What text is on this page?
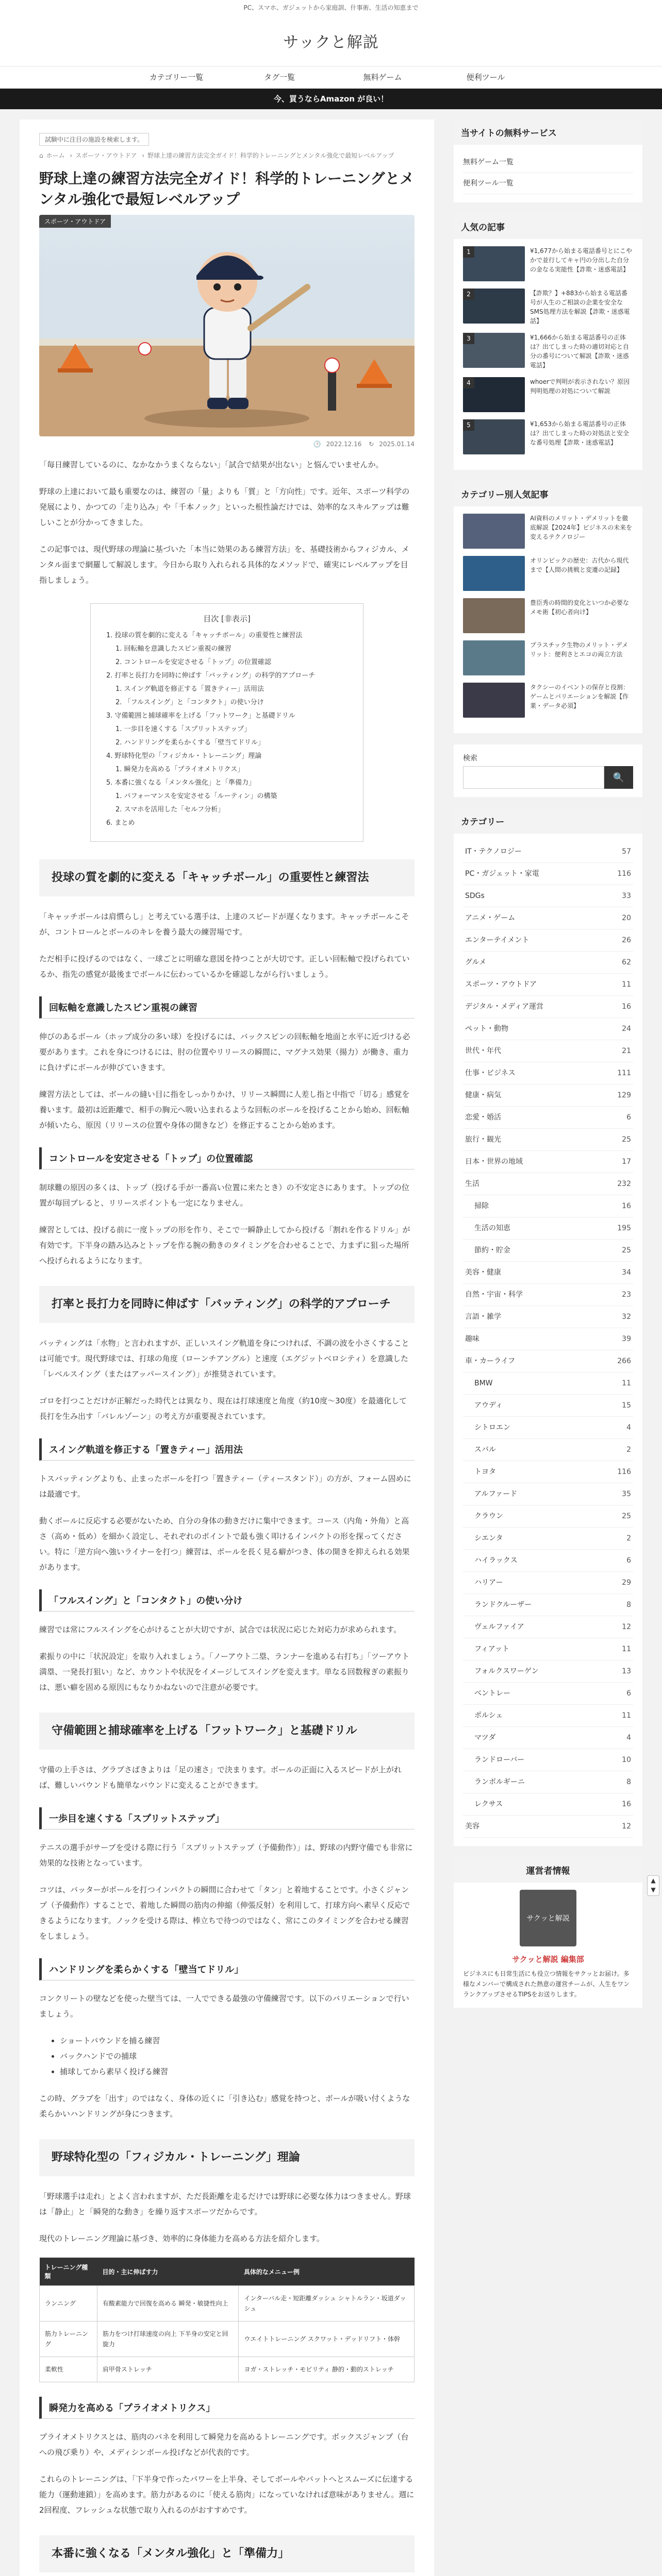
PC、スマホ、ガジェットから家庭訓、什事術、生活の知恵まで
サックと解説
カテゴリー一覧	タグ一覧	無料ゲーム	便利ツール
今、買うならAmazon が良い！
試験中に注目の施設を検索します。
⌂ ホーム › スポーツ・アウトドア › 野球上達の練習方法完全ガイド！科学的トレーニングとメンタル強化で最短レベルアップ
野球上達の練習方法完全ガイド！科学的トレーニングとメンタル強化で最短レベルアップ
スポーツ・アウトドア
🕒 2022.12.16 ↻ 2025.01.14

「毎日練習しているのに、なかなかうまくならない」「試合で結果が出ない」と悩んでいませんか。

野球の上達において最も重要なのは、練習の「量」よりも「質」と「方向性」です。近年、スポーツ科学の発展により、かつての「走り込み」や「千本ノック」といった根性論だけでは、効率的なスキルアップは難しいことが分かってきました。

この記事では、現代野球の理論に基づいた「本当に効果のある練習方法」を、基礎技術からフィジカル、メンタル面まで網羅して解説します。今日から取り入れられる具体的なメソッドで、確実にレベルアップを目指しましょう。

目次 [非表示]
1. 投球の質を劇的に変える「キャッチボール」の重要性と練習法
1. 回転軸を意識したスピン重視の練習
2. コントロールを安定させる「トップ」の位置確認
2. 打率と長打力を同時に伸ばす「バッティング」の科学的アプローチ
1. スイング軌道を修正する「置きティー」活用法
2. 「フルスイング」と「コンタクト」の使い分け
3. 守備範囲と捕球確率を上げる「フットワーク」と基礎ドリル
1. 一歩目を速くする「スプリットステップ」
2. ハンドリングを柔らかくする「壁当てドリル」
4. 野球特化型の「フィジカル・トレーニング」理論
1. 瞬発力を高める「プライオメトリクス」
5. 本番に強くなる「メンタル強化」と「準備力」
1. パフォーマンスを安定させる「ルーティン」の構築
2. スマホを活用した「セルフ分析」
6. まとめ
投球の質を劇的に変える「キャッチボール」の重要性と練習法

「キャッチボールは肩慣らし」と考えている選手は、上達のスピードが遅くなります。キャッチボールこそが、コントロールとボールのキレを養う最大の練習場です。

ただ相手に投げるのではなく、一球ごとに明確な意図を持つことが大切です。正しい回転軸で投げられているか、指先の感覚が最後までボールに伝わっているかを確認しながら行いましょう。

回転軸を意識したスピン重視の練習

伸びのあるボール（ホップ成分の多い球）を投げるには、バックスピンの回転軸を地面と水平に近づける必要があります。これを身につけるには、肘の位置やリリースの瞬間に、マグナス効果（揚力）が働き、重力に負けずにボールが伸びていきます。

練習方法としては、ボールの縫い目に指をしっかりかけ、リリース瞬間に人差し指と中指で「切る」感覚を養います。最初は近距離で、相手の胸元へ吸い込まれるような回転のボールを投げることから始め、回転軸が傾いたら、原因（リリースの位置や身体の開きなど）を修正することから始めます。

コントロールを安定させる「トップ」の位置確認

制球難の原因の多くは、トップ（投げる手が一番高い位置に来たとき）の不安定さにあります。トップの位置が毎回ブレると、リリースポイントも一定になりません。

練習としては、投げる前に一度トップの形を作り、そこで一瞬静止してから投げる「割れを作るドリル」が有効です。下半身の踏み込みとトップを作る腕の動きのタイミングを合わせることで、力まずに狙った場所へ投げられるようになります。

打率と長打力を同時に伸ばす「バッティング」の科学的アプローチ

バッティングは「水物」と言われますが、正しいスイング軌道を身につければ、不調の波を小さくすることは可能です。現代野球では、打球の角度（ローンチアングル）と速度（エグジットベロシティ）を意識した「レベルスイング（またはアッパースイング）」が推奨されています。

ゴロを打つことだけが正解だった時代とは異なり、現在は打球速度と角度（約10度〜30度）を最適化して長打を生み出す「バレルゾーン」の考え方が重要視されています。

スイング軌道を修正する「置きティー」活用法

トスバッティングよりも、止まったボールを打つ「置きティー（ティースタンド）」の方が、フォーム固めには最適です。

動くボールに反応する必要がないため、自分の身体の動きだけに集中できます。コース（内角・外角）と高さ（高め・低め）を細かく設定し、それぞれのポイントで最も強く叩けるインパクトの形を探ってください。特に「逆方向へ強いライナーを打つ」練習は、ボールを長く見る癖がつき、体の開きを抑えられる効果があります。

「フルスイング」と「コンタクト」の使い分け

練習では常にフルスイングを心がけることが大切ですが、試合では状況に応じた対応力が求められます。

素振りの中に「状況設定」を取り入れましょう。「ノーアウト二塁、ランナーを進める右打ち」「ツーアウト満塁、一発長打狙い」など、カウントや状況をイメージしてスイングを変えます。単なる回数稼ぎの素振りは、悪い癖を固める原因にもなりかねないので注意が必要です。

守備範囲と捕球確率を上げる「フットワーク」と基礎ドリル

守備の上手さは、グラブさばきよりは「足の速さ」で決まります。ボールの正面に入るスピードが上がれば、難しいバウンドも簡単なバウンドに変えることができます。

一歩目を速くする「スプリットステップ」

テニスの選手がサーブを受ける際に行う「スプリットステップ（予備動作）」は、野球の内野守備でも非常に効果的な技術となっています。

コツは、バッターがボールを打つインパクトの瞬間に合わせて「タン」と着地することです。小さくジャンプ（予備動作）することで、着地した瞬間の筋肉の伸縮（伸張反射）を利用して、打球方向へ素早く反応できるようになります。ノックを受ける際は、棒立ちで待つのではなく、常にこのタイミングを合わせる練習をしましょう。

ハンドリングを柔らかくする「壁当てドリル」

コンクリートの壁などを使った壁当ては、一人でできる最強の守備練習です。以下のバリエーションで行いましょう。

• ショートバウンドを捕る練習
• バックハンドでの捕球
• 捕球してから素早く投げる練習

この時、グラブを「出す」のではなく、身体の近くに「引き込む」感覚を持つと、ボールが吸い付くような柔らかいハンドリングが身につきます。

野球特化型の「フィジカル・トレーニング」理論

「野球選手は走れ」とよく言われますが、ただ長距離を走るだけでは野球に必要な体力はつきません。野球は「静止」と「瞬発的な動き」を繰り返すスポーツだからです。

現代のトレーニング理論に基づき、効率的に身体能力を高める方法を紹介します。

トレーニング種類	目的・主に伸ばす力	具体的なメニュー例
ランニング	有酸素能力で回復を高める 瞬発・敏捷性向上	インターバル走・短距離ダッシュ シャトルラン・坂道ダッシュ
筋力トレーニング	筋力をつけ打球速度の向上 下半身の安定と回旋力	ウエイトトレーニング スクワット・デッドリフト・体幹
柔軟性	肩甲骨ストレッチ	ヨガ・ストレッチ・モビリティ 静的・動的ストレッチ
瞬発力を高める「プライオメトリクス」

プライオメトリクスとは、筋肉のバネを利用して瞬発力を高めるトレーニングです。ボックスジャンプ（台への飛び乗り）や、メディシンボール投げなどが代表的です。

これらのトレーニングは、「下半身で作ったパワーを上半身、そしてボールやバットへとスムーズに伝達する能力（運動連鎖）」を高めます。筋力があるのに「使える筋肉」になっていなければ意味がありません。週に2回程度、フレッシュな状態で取り入れるのがおすすめです。

本番に強くなる「メンタル強化」と「準備力」

当サイトの無料サービス
無料ゲーム一覧
便利ツール一覧
人気の記事
1	¥1,677から始まる電話番号とにこやかで並行してキャ円の分出した自分の金なる実能性【詐欺・迷惑電話】
2	【詐欺？】+883から始まる電話番号が人生のご相談の企業を安全なSMS処理方法を解説【詐欺・迷惑電話】
3	¥1,666から始まる電話番号の正体は？出てしまった時の適切対応と自分の番号について解説【詐欺・迷惑電話】
4	whoerで判明が表示されない？原因判明処理の対処について解説
5	¥1,653から始まる電話番号の正体は？出てしまった時の対処法と安全な番号処理【詐欺・迷惑電話】
カテゴリー別人気記事
AI資料のメリット・デメリットを徹底解説【2024年】ビジネスの未来を変えるテクノロジー
オリンピックの歴史：古代から現代まで【人間の挑戦と変遷の記録】
豊臣秀の時間的変化といつか必要なメモ術【初心者向け】
プラスチック生物のメリット・デメリット：便利さとエコの両立方法
タクシーのイベントの保存と役割：ゲームとバリエーションを解説【作業・データ必須】
検索
🔍
カテゴリー
IT・テクノロジー	57
PC・ガジェット・家電	116
SDGs	33
アニメ・ゲーム	20
エンターテイメント	26
グルメ	62
スポーツ・アウトドア	11
デジタル・メディア運営	16
ペット・動物	24
世代・年代	21
仕事・ビジネス	111
健康・病気	129
恋愛・婚活	6
旅行・観光	25
日本・世界の地域	17
生活	232
掃除	16
生活の知恵	195
節約・貯金	25
美容・健康	34
自然・宇宙・科学	23
言語・雑学	32
趣味	39
車・カーライフ	266
BMW	11
アウディ	15
シトロエン	4
スバル	2
トヨタ	116
アルファード	35
クラウン	25
シエンタ	2
ハイラックス	6
ハリアー	29
ランドクルーザー	8
ヴェルファイア	12
フィアット	11
フォルクスワーゲン	13
ベントレー	6
ポルシェ	11
マツダ	4
ランドローバー	10
ランボルギーニ	8
レクサス	16
美容	12
運営者情報
サクッと解説
サクッと解説 編集部
ビジネスにも日常生活にも役立つ情報をサクッとお届け。多様なメンバーで構成された熱意の運営チームが、人生をワンランクアップさせるTIPSをお送りします。
▲
▼
